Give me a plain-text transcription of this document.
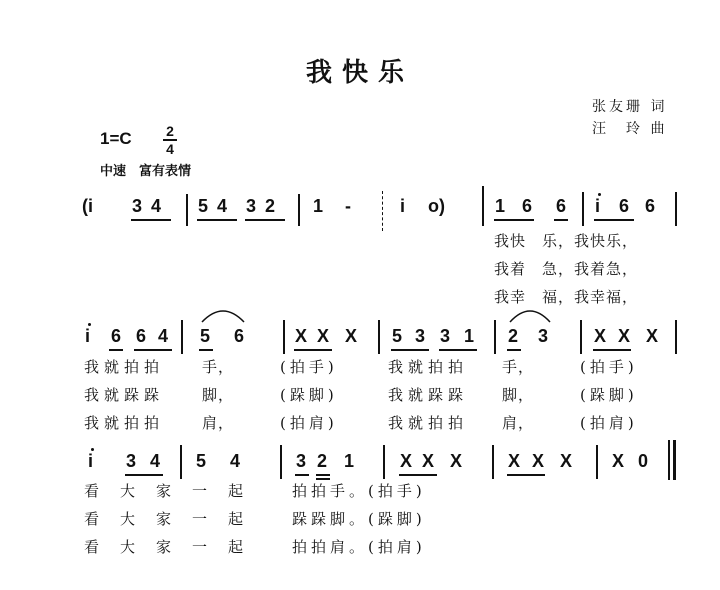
我快乐
张友珊 词
汪　玲 曲
1=C 2
4
中速　富有表情
(i 3 4 5 4 3 2 1 -	i o)	1 6 6 i 6 6
我快　乐，我快乐，
我着　急，我着急，
我幸　福，我幸福，
i 6 6 4 5 6	X X X 5 3 3 1 2 3	X X X
我就拍拍	手，	(拍手)	我就拍拍 手，	(拍手)
我就跺跺	脚，	(跺脚)	我就跺跺 脚，	(跺脚)
我就拍拍	肩，	(拍肩)	我就拍拍 肩，	(拍肩)
i 3 4 5 4	3 2 1	X X X	X X X X 0
看大家一起 拍拍手。(拍手)
看大家一起 跺跺脚。(跺脚)
看大家一起 拍拍肩。(拍肩)
